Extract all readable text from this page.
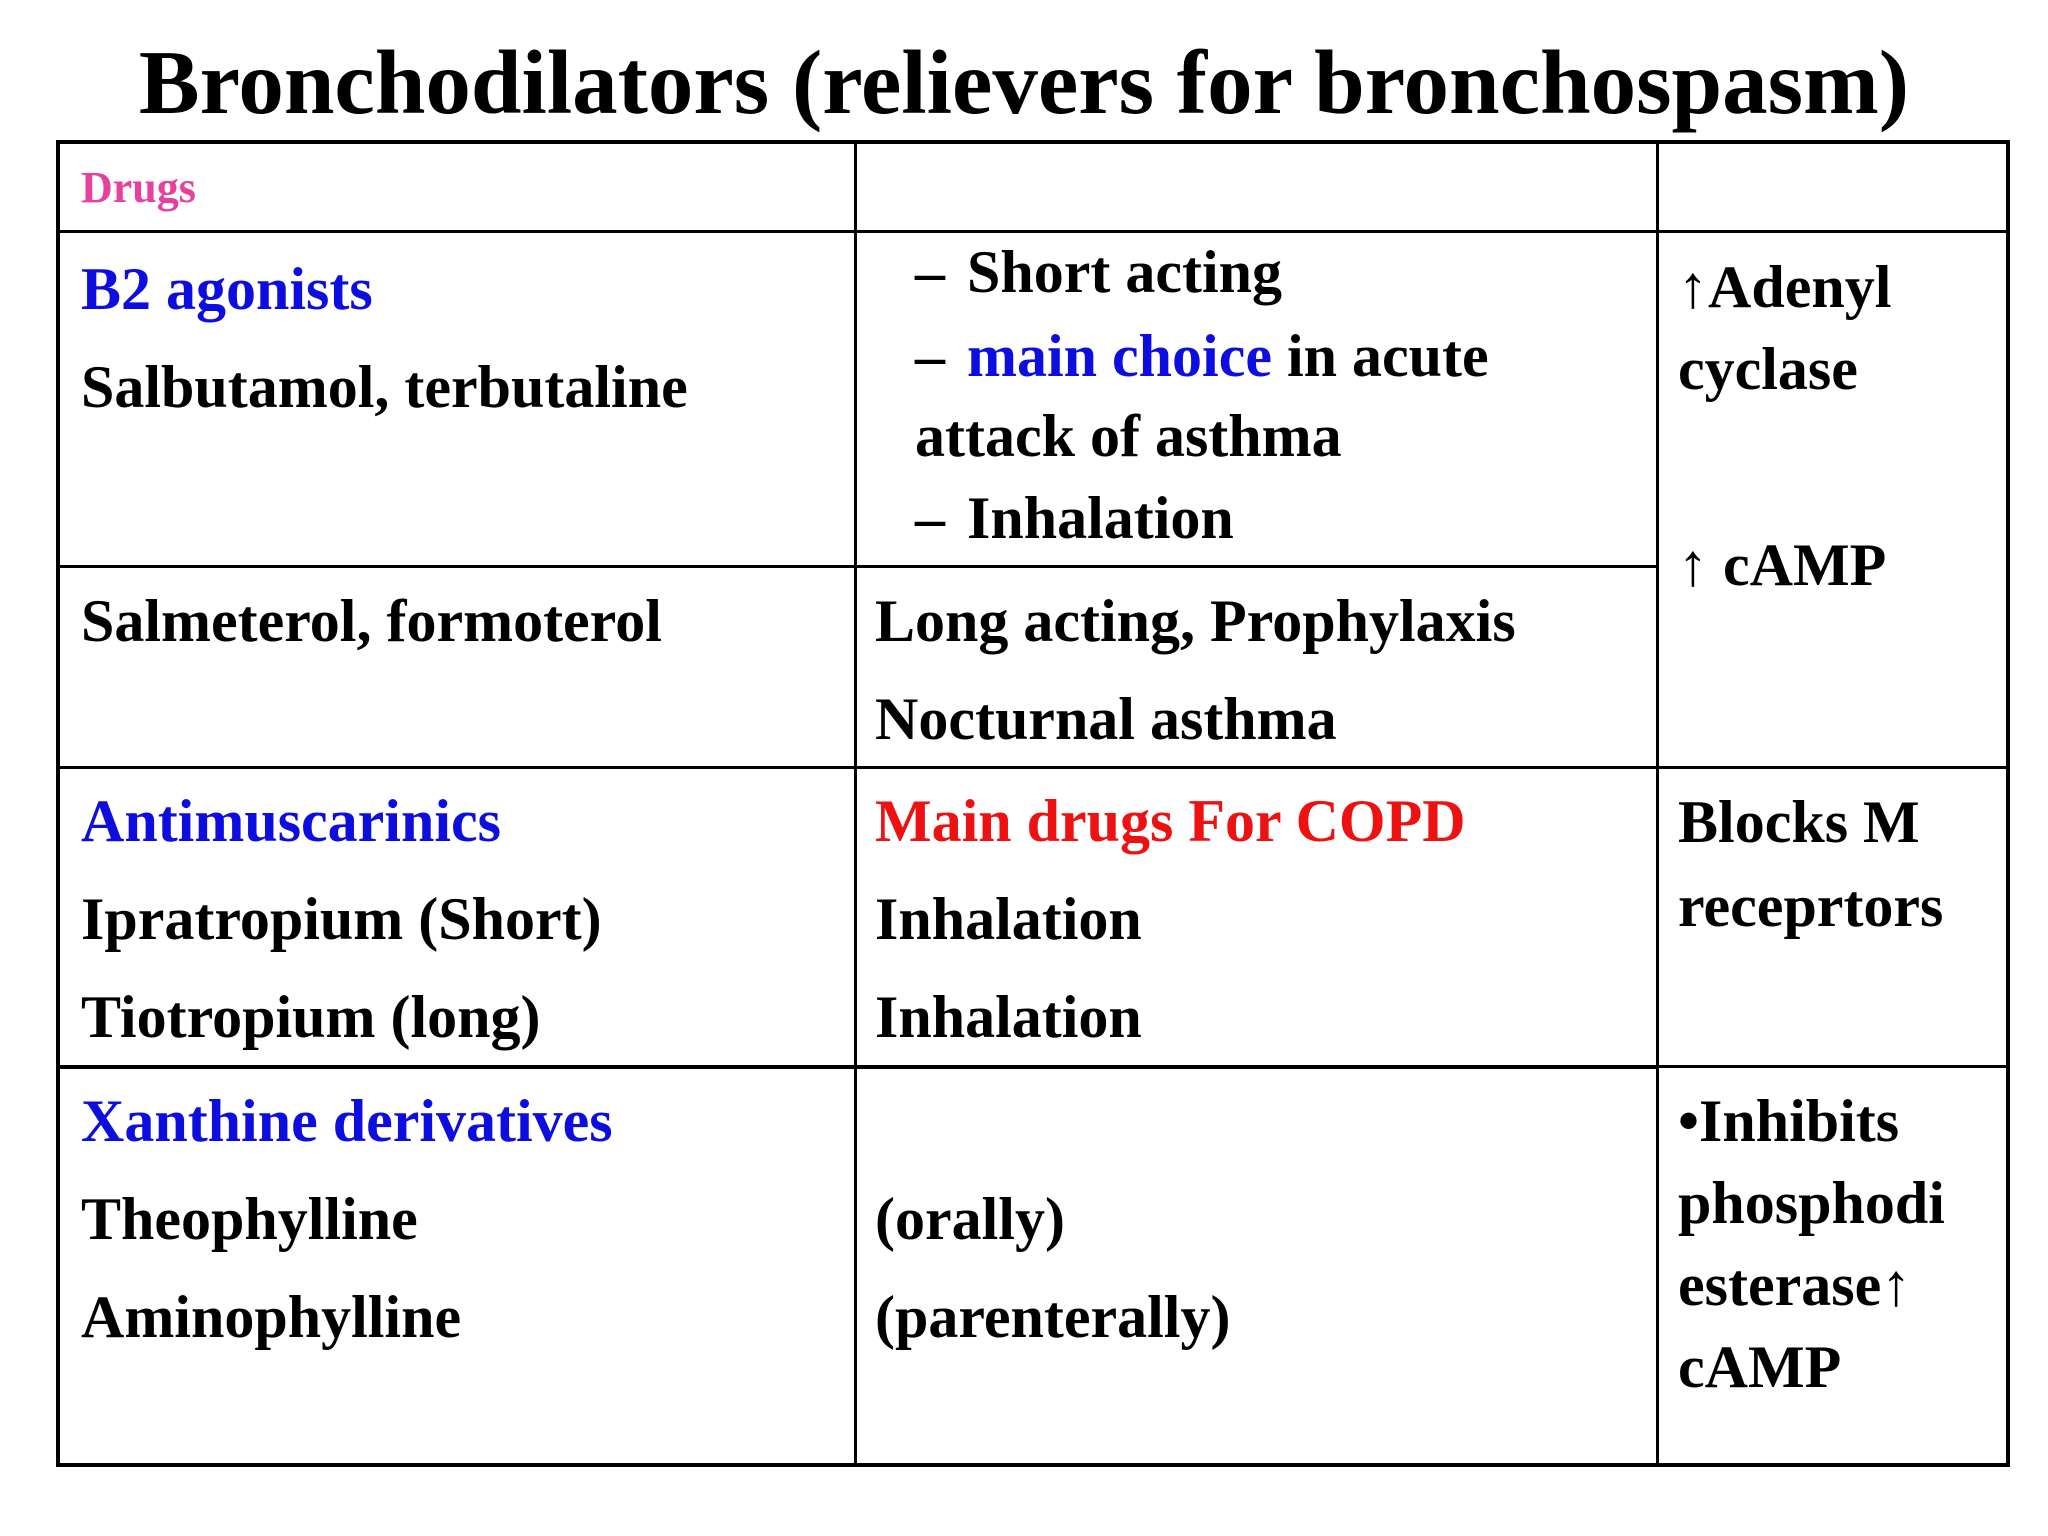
Bronchodilators (relievers for bronchospasm)
Drugs
B2 agonists
Salbutamol, terbutaline
– Short acting
– main choice in acute
attack of asthma
– Inhalation
↑Adenyl
cyclase
↑ cAMP
Salmeterol, formoterol	Long acting, Prophylaxis
Nocturnal asthma
Antimuscarinics
Ipratropium (Short)
Tiotropium (long)
Main drugs For COPD
Inhalation
Inhalation
Blocks M
receprtors
Xanthine derivatives
Theophylline
Aminophylline
(orally)
(parenterally)
•Inhibits
phosphodi
esterase↑
cAMP
